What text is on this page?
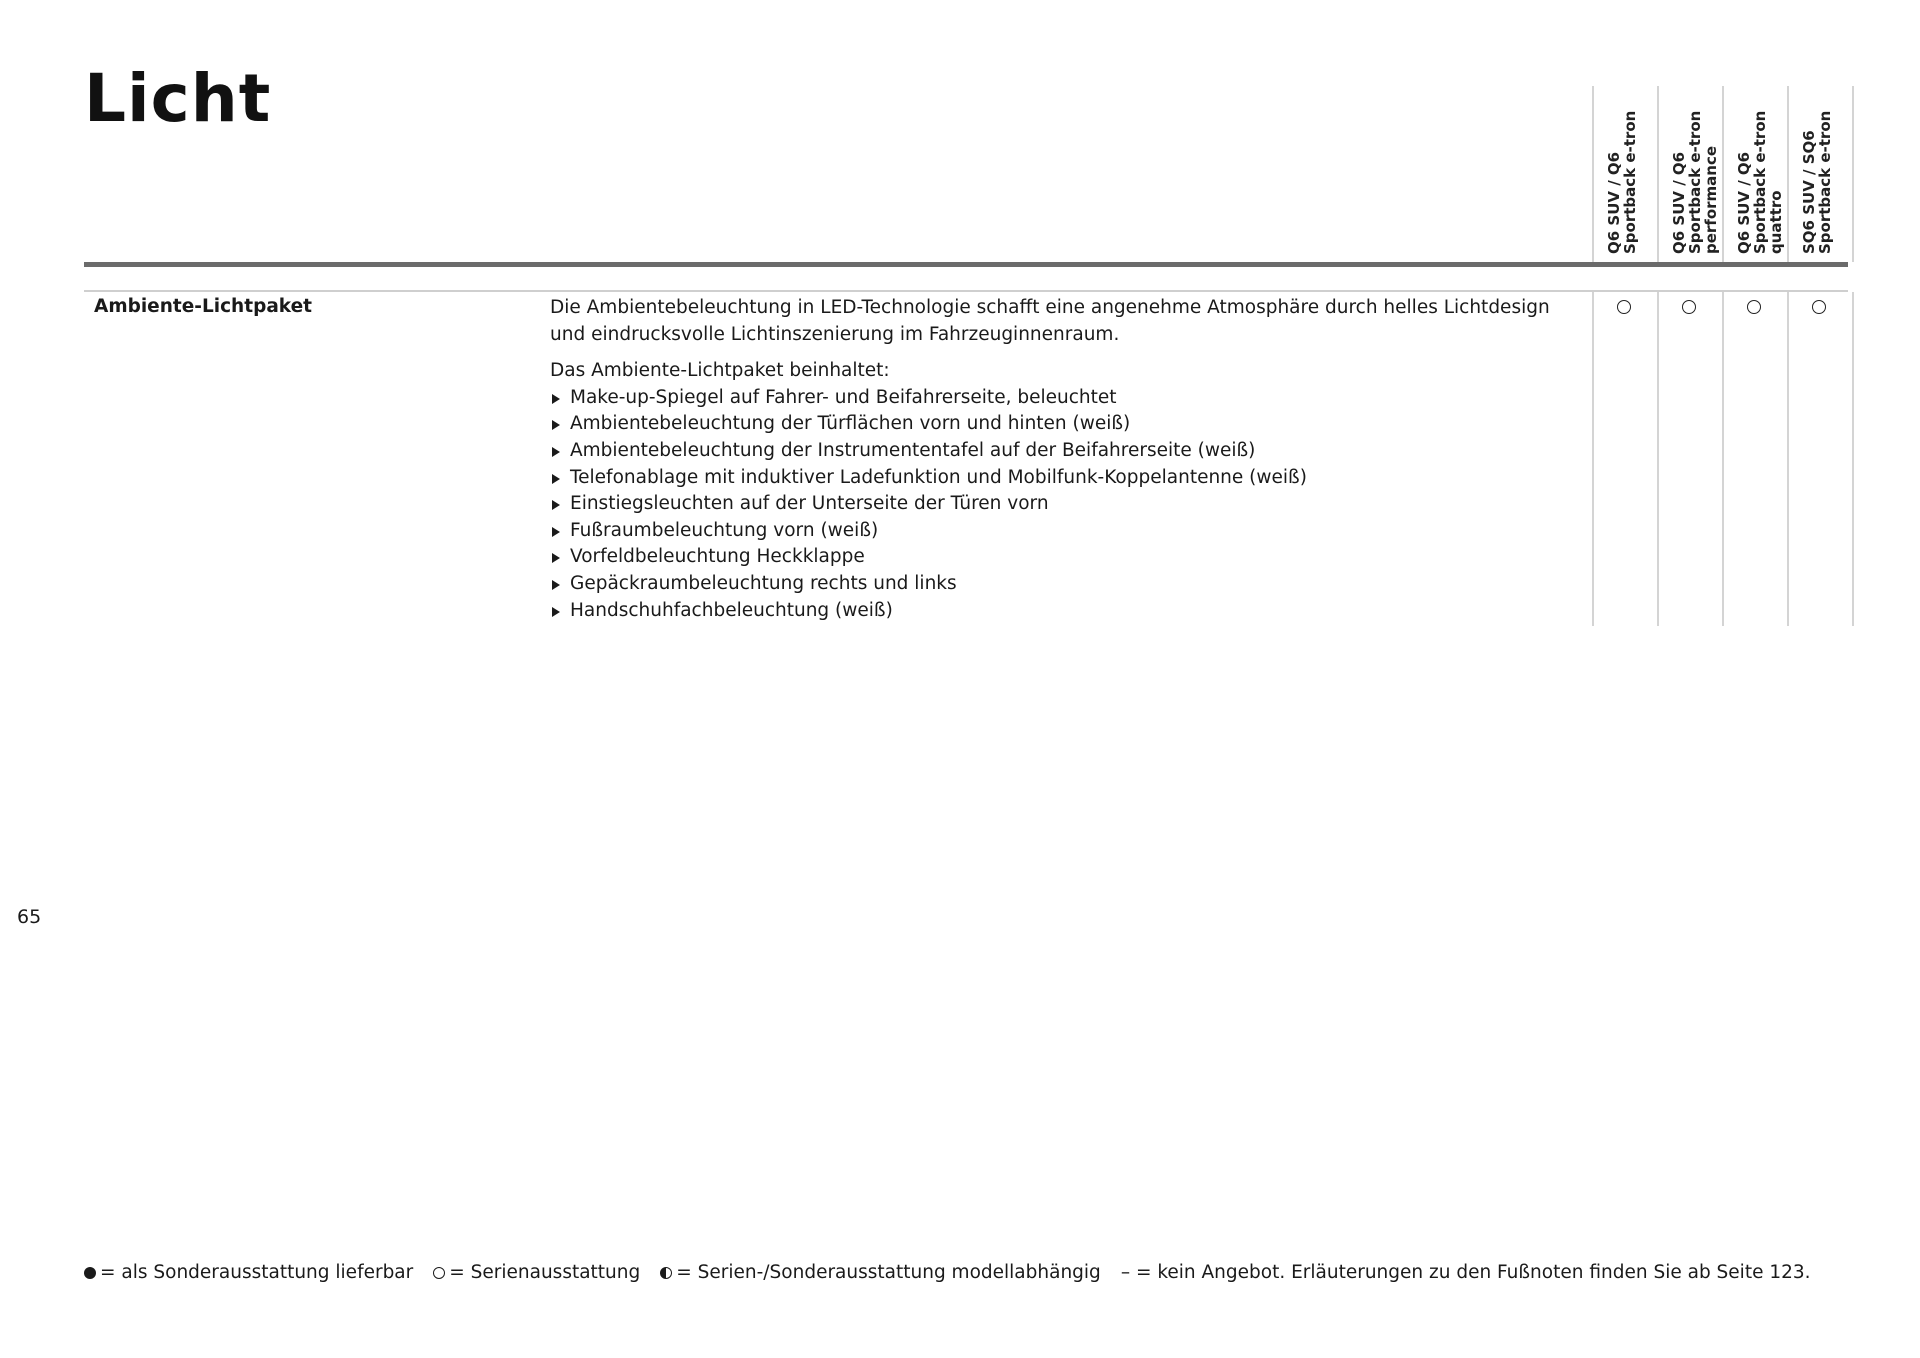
Licht
Q6 SUV / Q6
Sportback e-tron
Q6 SUV / Q6
Sportback e-tron
performance Q6 SUV / Q6
Sportback e-tron
quattro SQ6 SUV / SQ6
Sportback e-tron
Ambiente-Lichtpaket	Die Ambientebeleuchtung in LED-Technologie schafft eine angenehme Atmosphäre durch helles Lichtdesign und eindrucksvolle Lichtinszenierung im Fahrzeuginnenraum.

Das Ambiente-Lichtpaket beinhaltet:

Make-up-Spiegel auf Fahrer- und Beifahrerseite, beleuchtet
Ambientebeleuchtung der Türflächen vorn und hinten (weiß)
Ambientebeleuchtung der Instrumententafel auf der Beifahrerseite (weiß)
Telefonablage mit induktiver Ladefunktion und Mobilfunk-Koppelantenne (weiß)
Einstiegsleuchten auf der Unterseite der Türen vorn
Fußraumbeleuchtung vorn (weiß)
Vorfeldbeleuchtung Heckklappe
Gepäckraumbeleuchtung rechts und links
Handschuhfachbeleuchtung (weiß)
65
= als Sonderausstattung lieferbar = Serienausstattung = Serien-/Sonderausstattung modellabhängig – = kein Angebot. Erläuterungen zu den Fußnoten finden Sie ab Seite 123.
